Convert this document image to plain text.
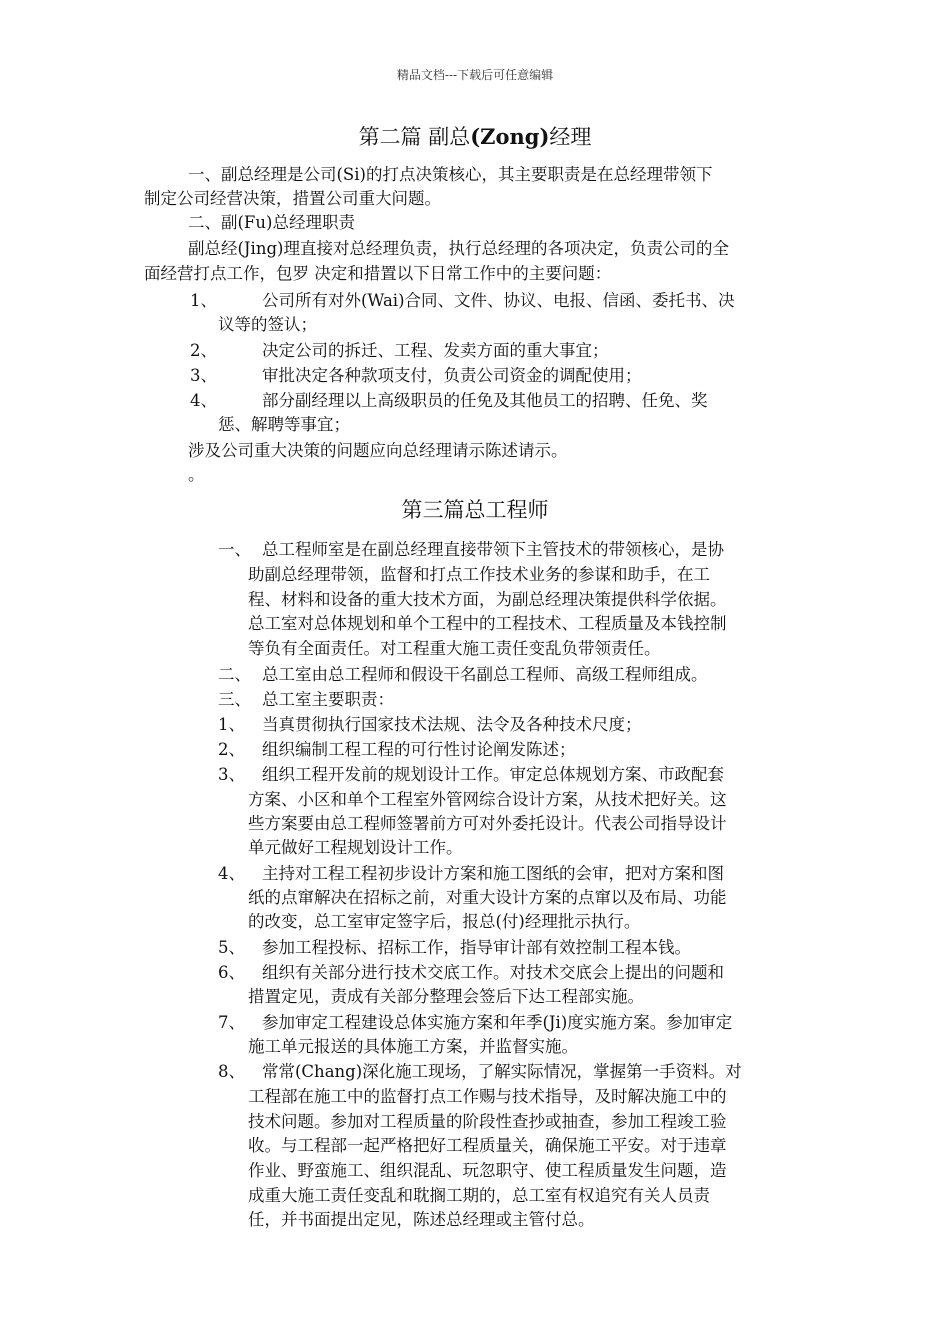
精品文档---下载后可任意编辑
第二篇 副总(Zong)经理
一、副总经理是公司(Si)的打点决策核心，其主要职责是在总经理带领下
制定公司经营决策，措置公司重大问题。
二、副(Fu)总经理职责
副总经(Jing)理直接对总经理负责，执行总经理的各项决定，负责公司的全
面经营打点工作，包罗 决定和措置以下日常工作中的主要问题：
1、	公司所有对外(Wai)合同、文件、协议、电报、信函、委托书、决
议等的签认；
2、	决定公司的拆迁、工程、发卖方面的重大事宜；
3、	审批决定各种款项支付，负责公司资金的调配使用；
4、	部分副经理以上高级职员的任免及其他员工的招聘、任免、奖
惩、解聘等事宜；
涉及公司重大决策的问题应向总经理请示陈述请示。
。
第三篇总工程师
一、 总工程师室是在副总经理直接带领下主管技术的带领核心，是协
助副总经理带领，监督和打点工作技术业务的参谋和助手，在工
程、材料和设备的重大技术方面，为副总经理决策提供科学依据。
总工室对总体规划和单个工程中的工程技术、工程质量及本钱控制
等负有全面责任。对工程重大施工责任变乱负带领责任。
二、 总工室由总工程师和假设干名副总工程师、高级工程师组成。
三、 总工室主要职责：
1、 当真贯彻执行国家技术法规、法令及各种技术尺度；
2、 组织编制工程工程的可行性讨论阐发陈述；
3、 组织工程开发前的规划设计工作。审定总体规划方案、市政配套
方案、小区和单个工程室外管网综合设计方案，从技术把好关。这
些方案要由总工程师签署前方可对外委托设计。代表公司指导设计
单元做好工程规划设计工作。
4、 主持对工程工程初步设计方案和施工图纸的会审，把对方案和图
纸的点窜解决在招标之前，对重大设计方案的点窜以及布局、功能
的改变，总工室审定签字后，报总(付)经理批示执行。
5、 参加工程投标、招标工作，指导审计部有效控制工程本钱。
6、 组织有关部分进行技术交底工作。对技术交底会上提出的问题和
措置定见，责成有关部分整理会签后下达工程部实施。
7、 参加审定工程建设总体实施方案和年季(Ji)度实施方案。参加审定
施工单元报送的具体施工方案，并监督实施。
8、 常常(Chang)深化施工现场，了解实际情况，掌握第一手资料。对
工程部在施工中的监督打点工作赐与技术指导，及时解决施工中的
技术问题。参加对工程质量的阶段性查抄或抽查，参加工程竣工验
收。与工程部一起严格把好工程质量关，确保施工平安。对于违章
作业、野蛮施工、组织混乱、玩忽职守、使工程质量发生问题，造
成重大施工责任变乱和耽搁工期的，总工室有权追究有关人员责
任，并书面提出定见，陈述总经理或主管付总。
